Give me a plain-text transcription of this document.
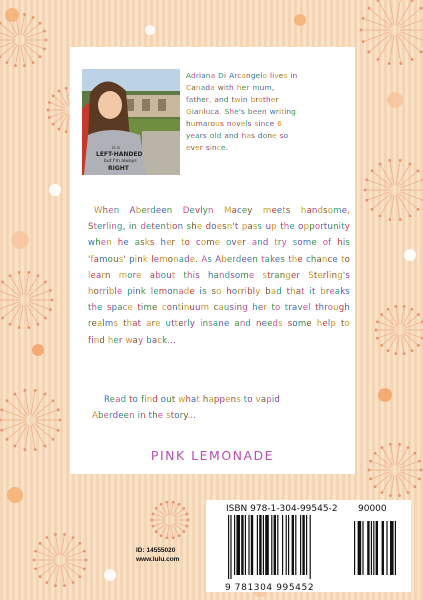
is a
LEFT-HANDED
but I'm always
RIGHT
Adriana Di Arcangelo lives in
Canada with her mum,
father, and twin brother
Gianluca. She's been writing
humarous novels since 6
years old and has done so
ever since.
When Aberdeen Devlyn Macey meets handsome, Sterling, in detention she doesn't pass up the opportunity when he asks her to come over and try some of his 'famous' pink lemonade. As Aberdeen takes the chance to learn more about this handsome stranger Sterling's horrible pink lemonade is so horribly bad that it breaks the space time continuum causing her to travel through realms that are utterly insane and needs some help to find her way back...
Read to find out what happens to vapid
Aberdeen in the story...
PINK LEMONADE
ID: 14555020
www.lulu.com
ISBN 978-1-304-99545-2 90000
9 781304 995452
